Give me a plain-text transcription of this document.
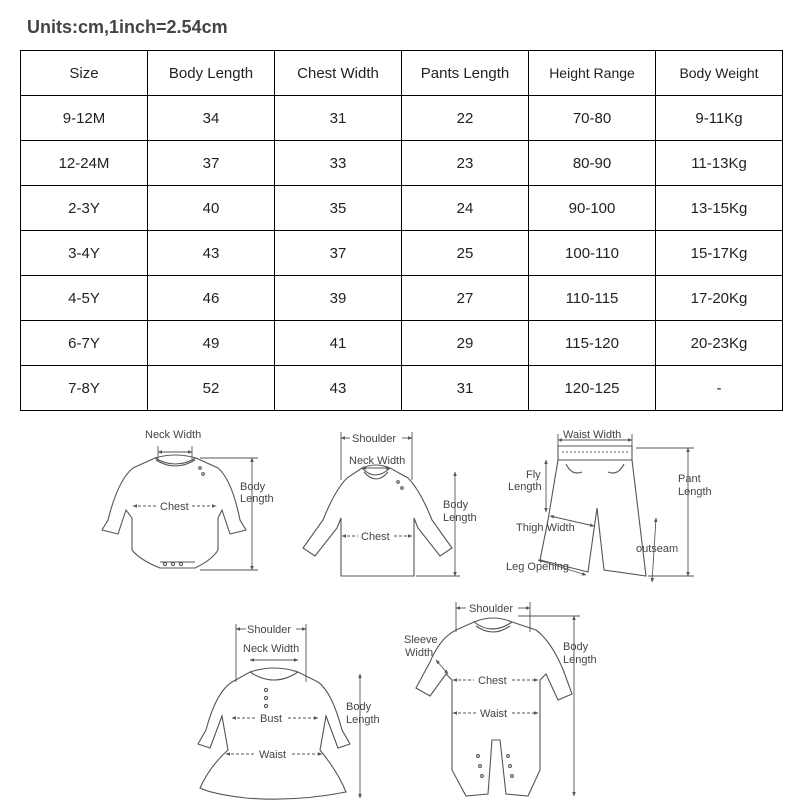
Units:cm,1inch=2.54cm
Size	Body Length	Chest Width	Pants Length	Height Range	Body Weight
9-12M	34	31	22	70-80	9-11Kg
12-24M	37	33	23	80-90	11-13Kg
2-3Y	40	35	24	90-100	13-15Kg
3-4Y	43	37	25	100-110	15-17Kg
4-5Y	46	39	27	110-115	17-20Kg
6-7Y	49	41	29	115-120	20-23Kg
7-8Y	52	43	31	120-125	-
Neck Width
Chest
Body
Length
Shoulder
Neck Width
Chest
Body
Length
Waist Width
Fly
Length
Pant
Length
Thigh Width
outseam
Leg Opening
Shoulder
Neck Width
Bust
Waist
Body
Length
Shoulder
Sleeve
Width
Chest
Waist
Body
Length
